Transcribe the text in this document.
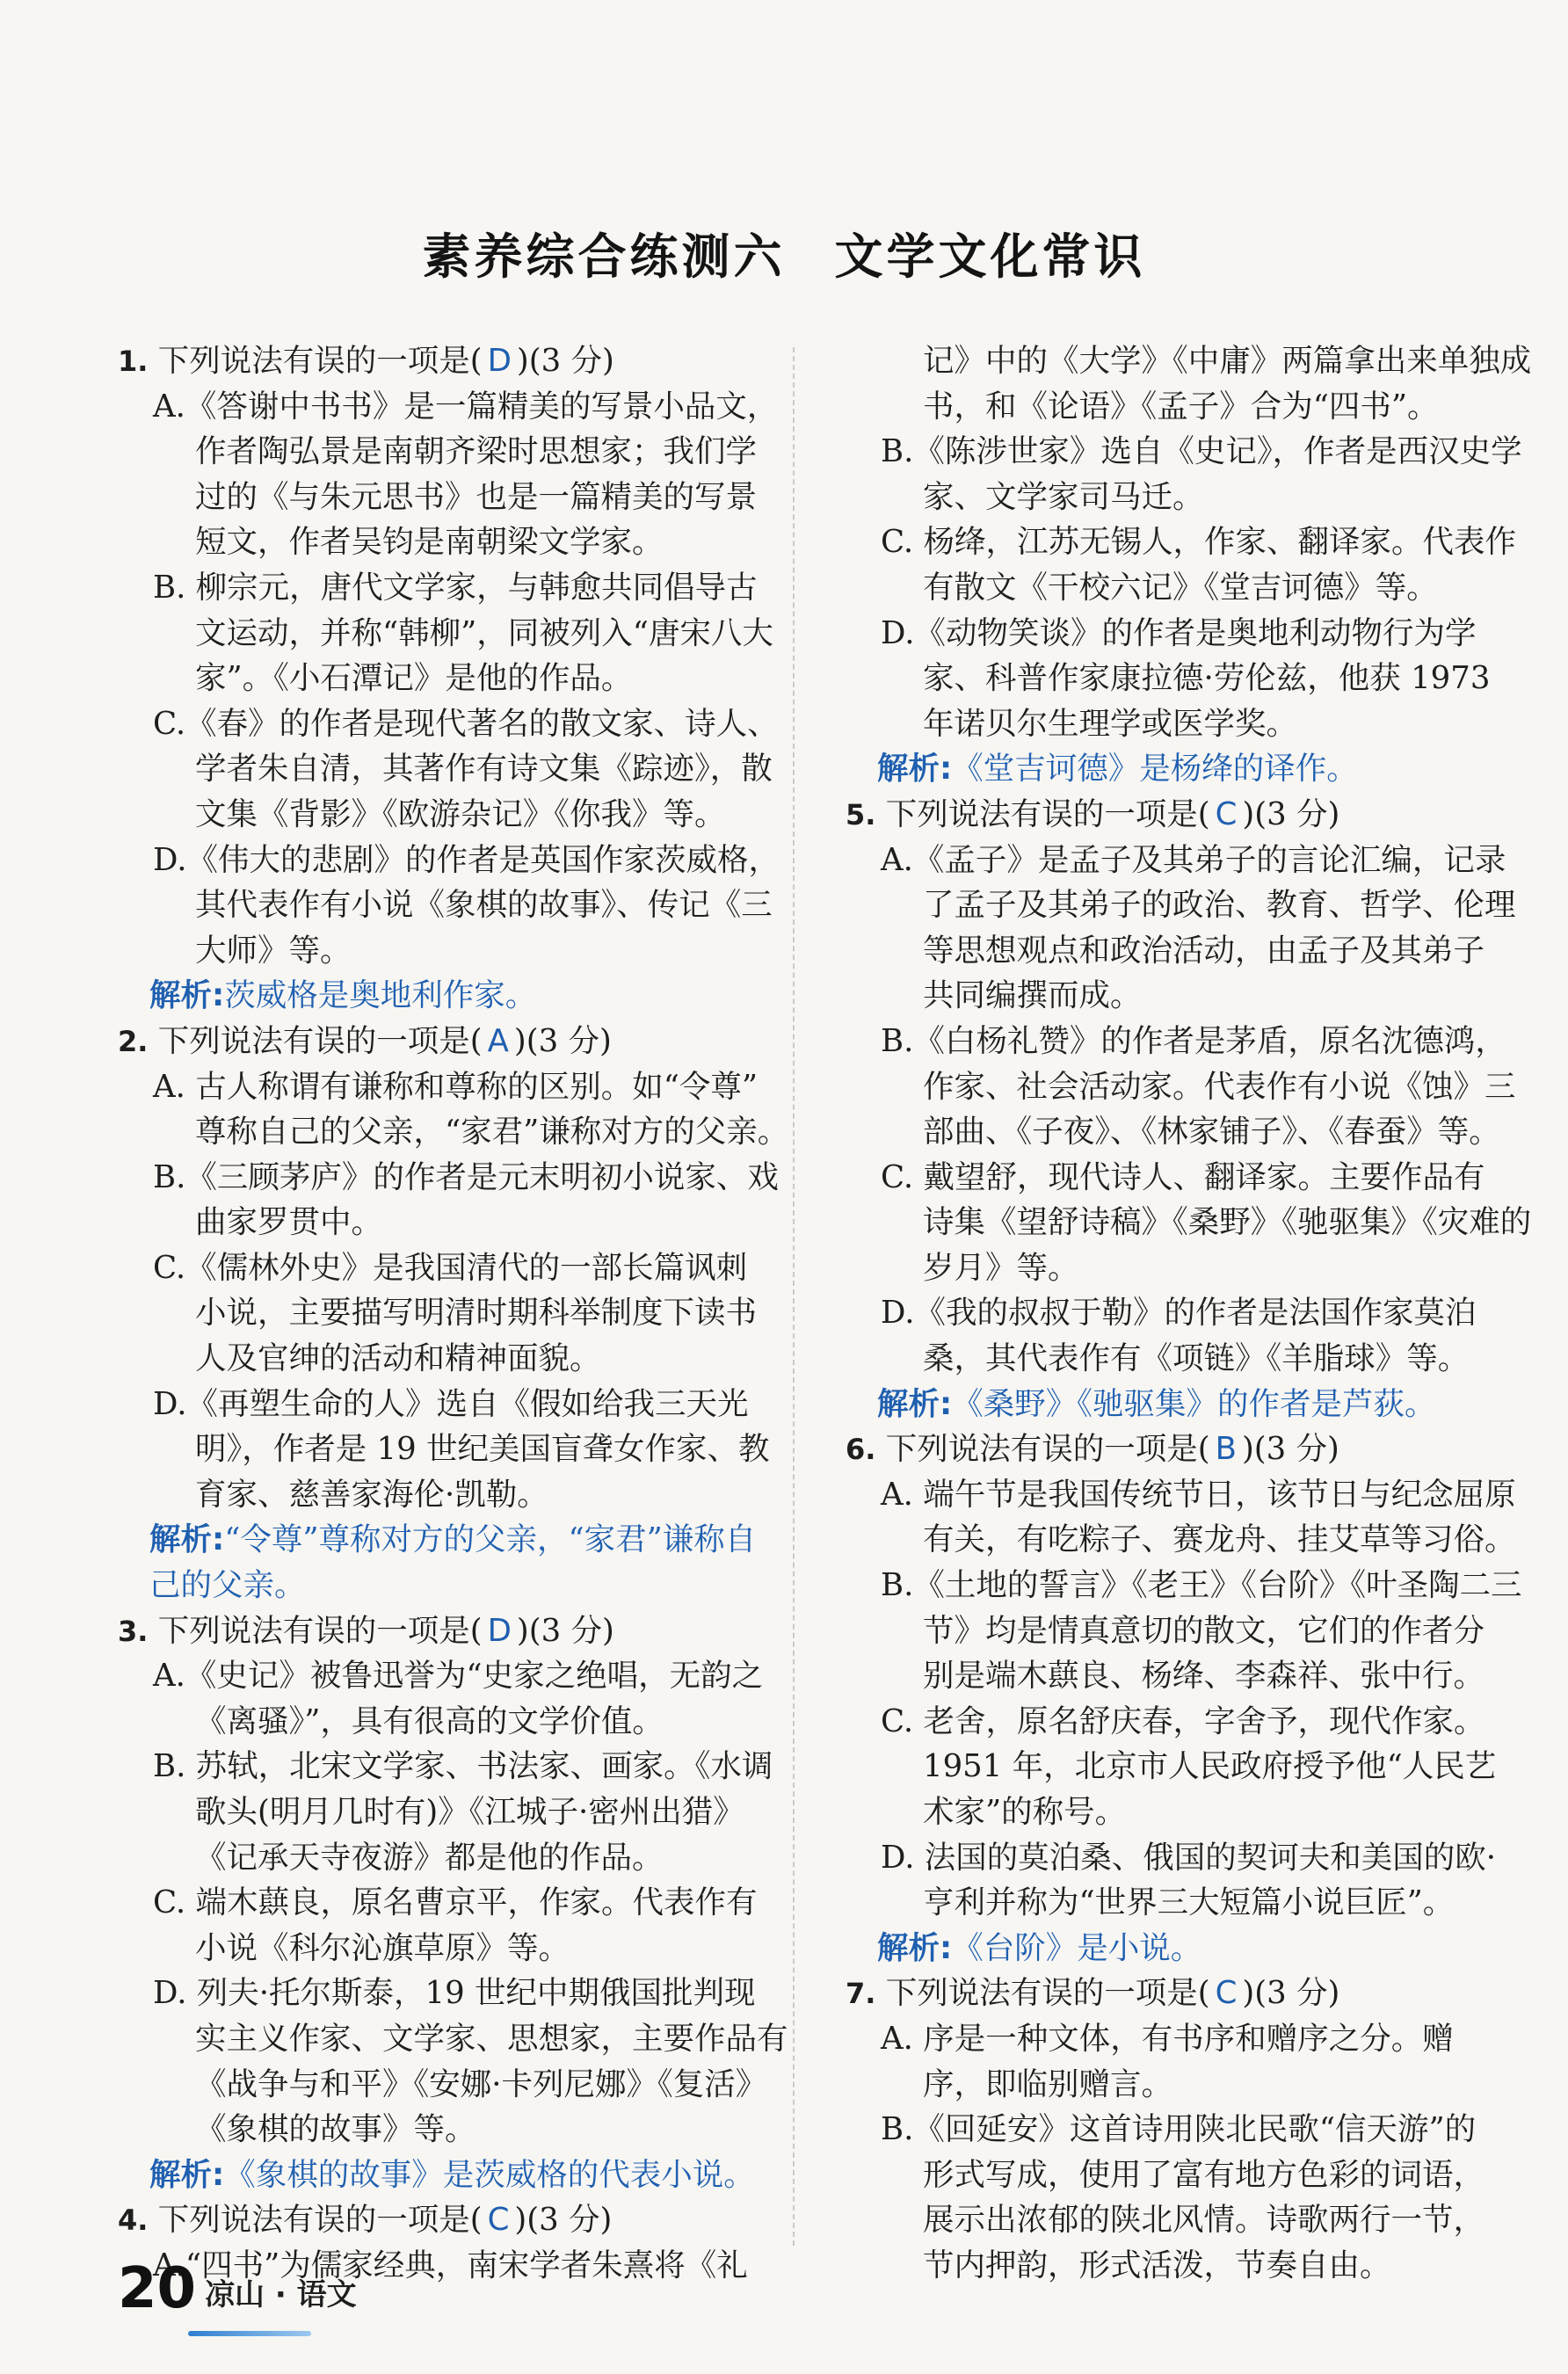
素养综合练测六 文学文化常识
1. 下列说法有误的一项是( D )(3 分)
A.《答谢中书书》是一篇精美的写景小品文，
作者陶弘景是南朝齐梁时思想家；我们学
过的《与朱元思书》也是一篇精美的写景
短文，作者吴钧是南朝梁文学家。
B. 柳宗元，唐代文学家，与韩愈共同倡导古
文运动，并称“韩柳”，同被列入“唐宋八大
家”。《小石潭记》是他的作品。
C.《春》的作者是现代著名的散文家、诗人、
学者朱自清，其著作有诗文集《踪迹》，散
文集《背影》《欧游杂记》《你我》等。
D.《伟大的悲剧》的作者是英国作家茨威格，
其代表作有小说《象棋的故事》、传记《三
大师》等。
解析:茨威格是奥地利作家。
2. 下列说法有误的一项是( A )(3 分)
A. 古人称谓有谦称和尊称的区别。如“令尊”
尊称自己的父亲，“家君”谦称对方的父亲。
B.《三顾茅庐》的作者是元末明初小说家、戏
曲家罗贯中。
C.《儒林外史》是我国清代的一部长篇讽刺
小说，主要描写明清时期科举制度下读书
人及官绅的活动和精神面貌。
D.《再塑生命的人》选自《假如给我三天光
明》，作者是 19 世纪美国盲聋女作家、教
育家、慈善家海伦·凯勒。
解析:“令尊”尊称对方的父亲，“家君”谦称自
己的父亲。
3. 下列说法有误的一项是( D )(3 分)
A.《史记》被鲁迅誉为“史家之绝唱，无韵之
《离骚》”，具有很高的文学价值。
B. 苏轼，北宋文学家、书法家、画家。《水调
歌头(明月几时有)》《江城子·密州出猎》
《记承天寺夜游》都是他的作品。
C. 端木蕻良，原名曹京平，作家。代表作有
小说《科尔沁旗草原》等。
D. 列夫·托尔斯泰，19 世纪中期俄国批判现
实主义作家、文学家、思想家，主要作品有
《战争与和平》《安娜·卡列尼娜》《复活》
《象棋的故事》等。
解析:《象棋的故事》是茨威格的代表小说。
4. 下列说法有误的一项是( C )(3 分)
A.“四书”为儒家经典，南宋学者朱熹将《礼
记》中的《大学》《中庸》两篇拿出来单独成
书，和《论语》《孟子》合为“四书”。
B.《陈涉世家》选自《史记》，作者是西汉史学
家、文学家司马迁。
C. 杨绛，江苏无锡人，作家、翻译家。代表作
有散文《干校六记》《堂吉诃德》等。
D.《动物笑谈》的作者是奥地利动物行为学
家、科普作家康拉德·劳伦兹，他获 1973
年诺贝尔生理学或医学奖。
解析:《堂吉诃德》是杨绛的译作。
5. 下列说法有误的一项是( C )(3 分)
A.《孟子》是孟子及其弟子的言论汇编，记录
了孟子及其弟子的政治、教育、哲学、伦理
等思想观点和政治活动，由孟子及其弟子
共同编撰而成。
B.《白杨礼赞》的作者是茅盾，原名沈德鸿，
作家、社会活动家。代表作有小说《蚀》三
部曲、《子夜》、《林家铺子》、《春蚕》等。
C. 戴望舒，现代诗人、翻译家。主要作品有
诗集《望舒诗稿》《桑野》《驰驱集》《灾难的
岁月》等。
D.《我的叔叔于勒》的作者是法国作家莫泊
桑，其代表作有《项链》《羊脂球》等。
解析:《桑野》《驰驱集》的作者是芦荻。
6. 下列说法有误的一项是( B )(3 分)
A. 端午节是我国传统节日，该节日与纪念屈原
有关，有吃粽子、赛龙舟、挂艾草等习俗。
B.《土地的誓言》《老王》《台阶》《叶圣陶二三
节》均是情真意切的散文，它们的作者分
别是端木蕻良、杨绛、李森祥、张中行。
C. 老舍，原名舒庆春，字舍予，现代作家。
1951 年，北京市人民政府授予他“人民艺
术家”的称号。
D. 法国的莫泊桑、俄国的契诃夫和美国的欧·
亨利并称为“世界三大短篇小说巨匠”。
解析:《台阶》是小说。
7. 下列说法有误的一项是( C )(3 分)
A. 序是一种文体，有书序和赠序之分。赠
序，即临别赠言。
B.《回延安》这首诗用陕北民歌“信天游”的
形式写成，使用了富有地方色彩的词语，
展示出浓郁的陕北风情。诗歌两行一节，
节内押韵，形式活泼，节奏自由。
20 凉山 · 语文
